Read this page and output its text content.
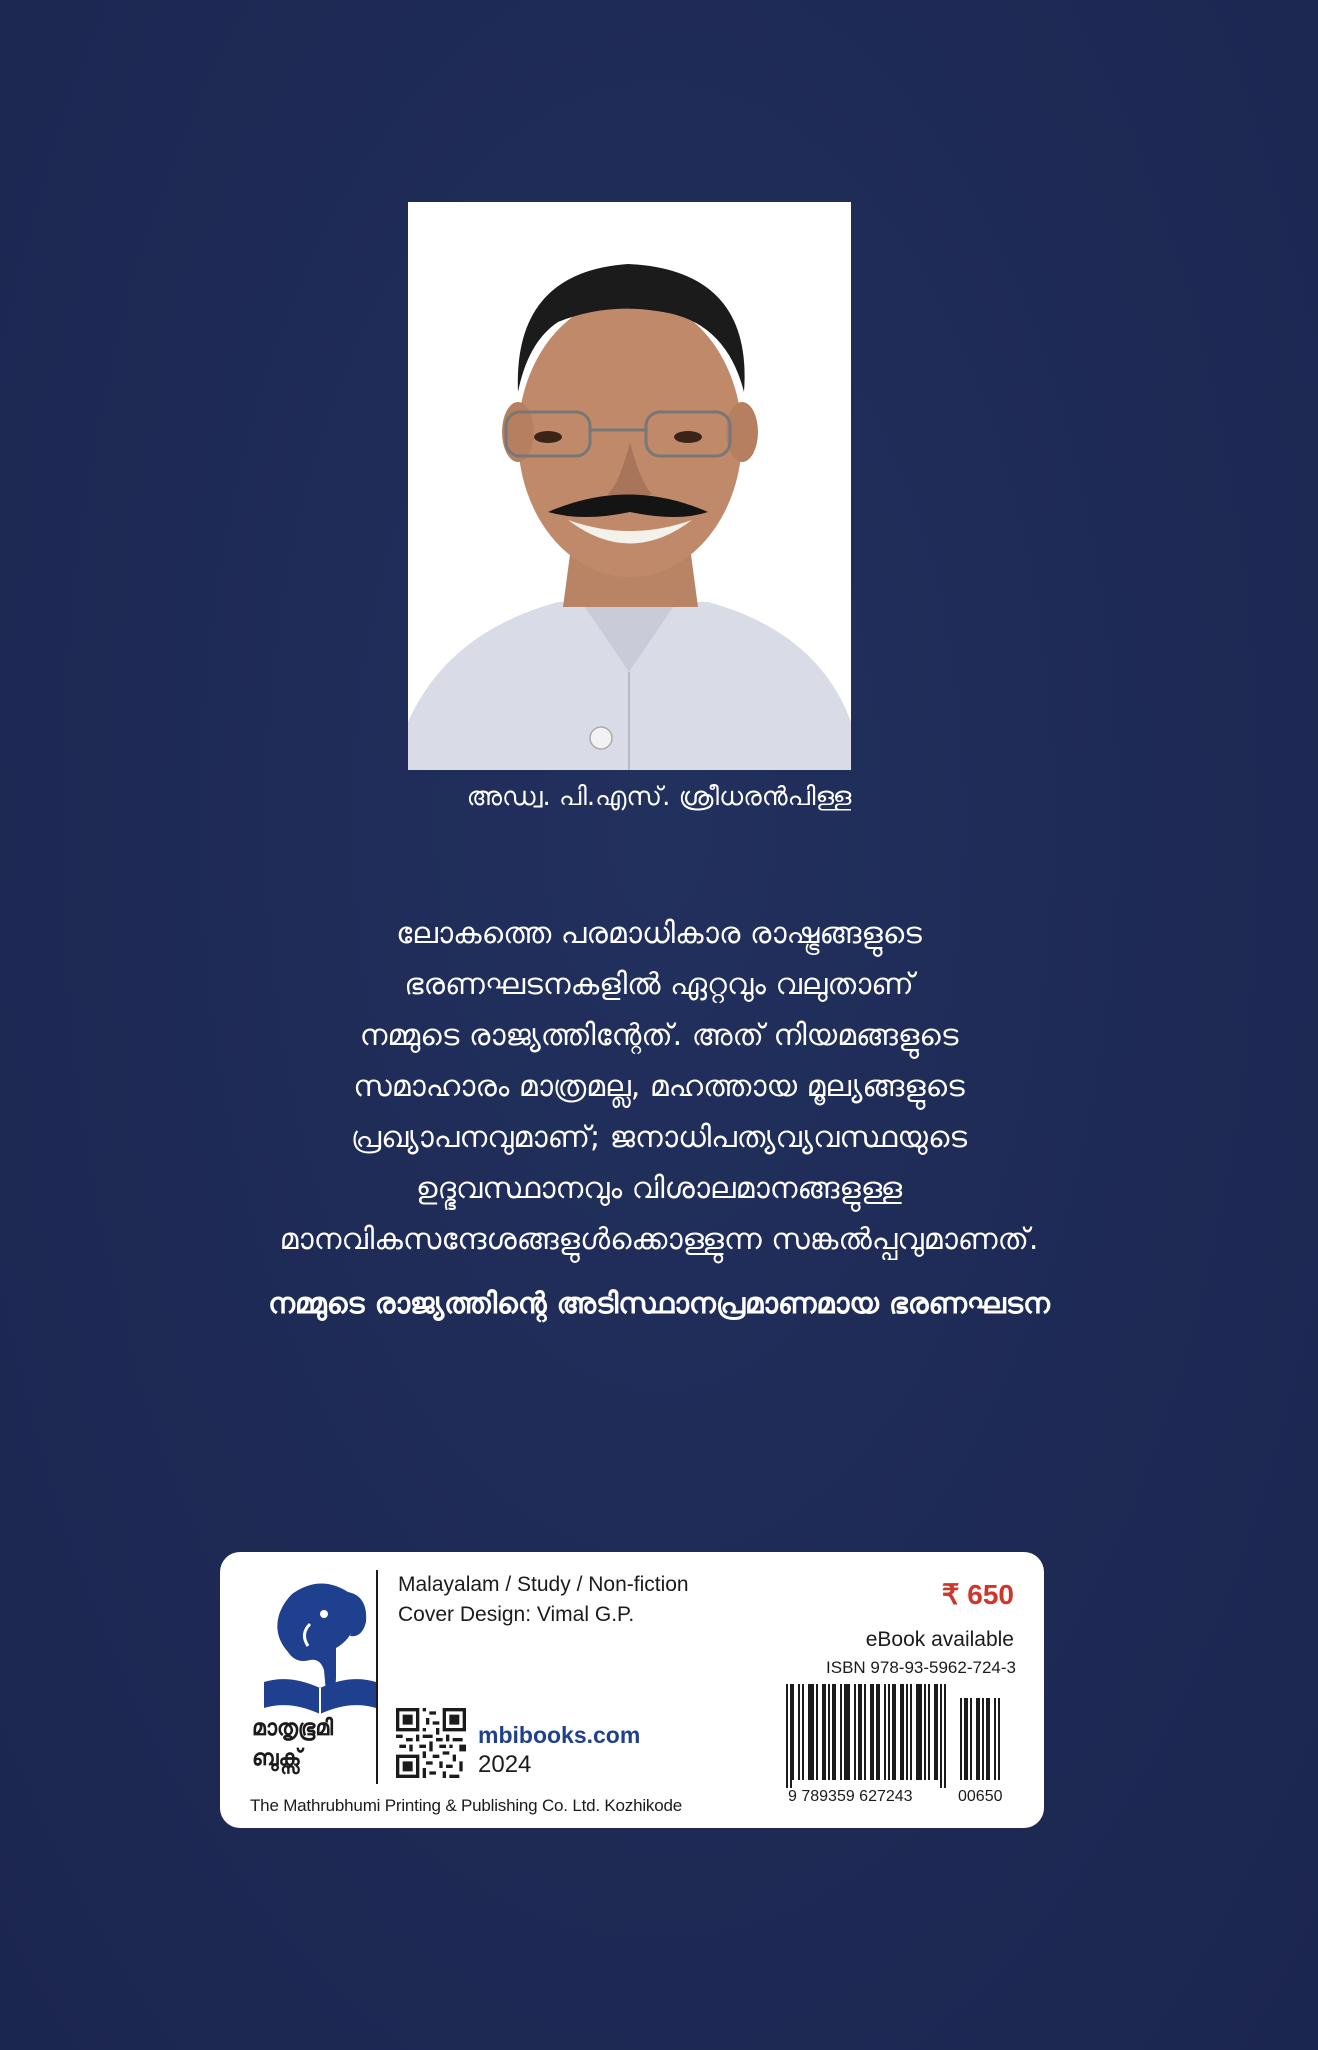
അഡ്വ. പി.എസ്. ശ്രീധരൻപിള്ള
ലോകത്തെ പരമാധികാര രാഷ്ട്രങ്ങളുടെ
ഭരണഘടനകളിൽ ഏറ്റവും വലുതാണ്
നമ്മുടെ രാജ്യത്തിന്റേത്. അത് നിയമങ്ങളുടെ
സമാഹാരം മാത്രമല്ല, മഹത്തായ മൂല്യങ്ങളുടെ
പ്രഖ്യാപനവുമാണ്; ജനാധിപത്യവ്യവസ്ഥയുടെ
ഉദ്ഭവസ്ഥാനവും വിശാലമാനങ്ങളുള്ള
മാനവികസന്ദേശങ്ങളുൾക്കൊള്ളുന്ന സങ്കൽപ്പവുമാണത്.
നമ്മുടെ രാജ്യത്തിന്റെ അടിസ്ഥാനപ്രമാണമായ ഭരണഘടന
മാതൃഭൂമി
ബുക്സ്
Malayalam / Study / Non-fiction
Cover Design: Vimal G.P.
mbibooks.com
2024
The Mathrubhumi Printing & Publishing Co. Ltd. Kozhikode
₹ 650
eBook available
ISBN 978-93-5962-724-3
9 789359 627243	00650
